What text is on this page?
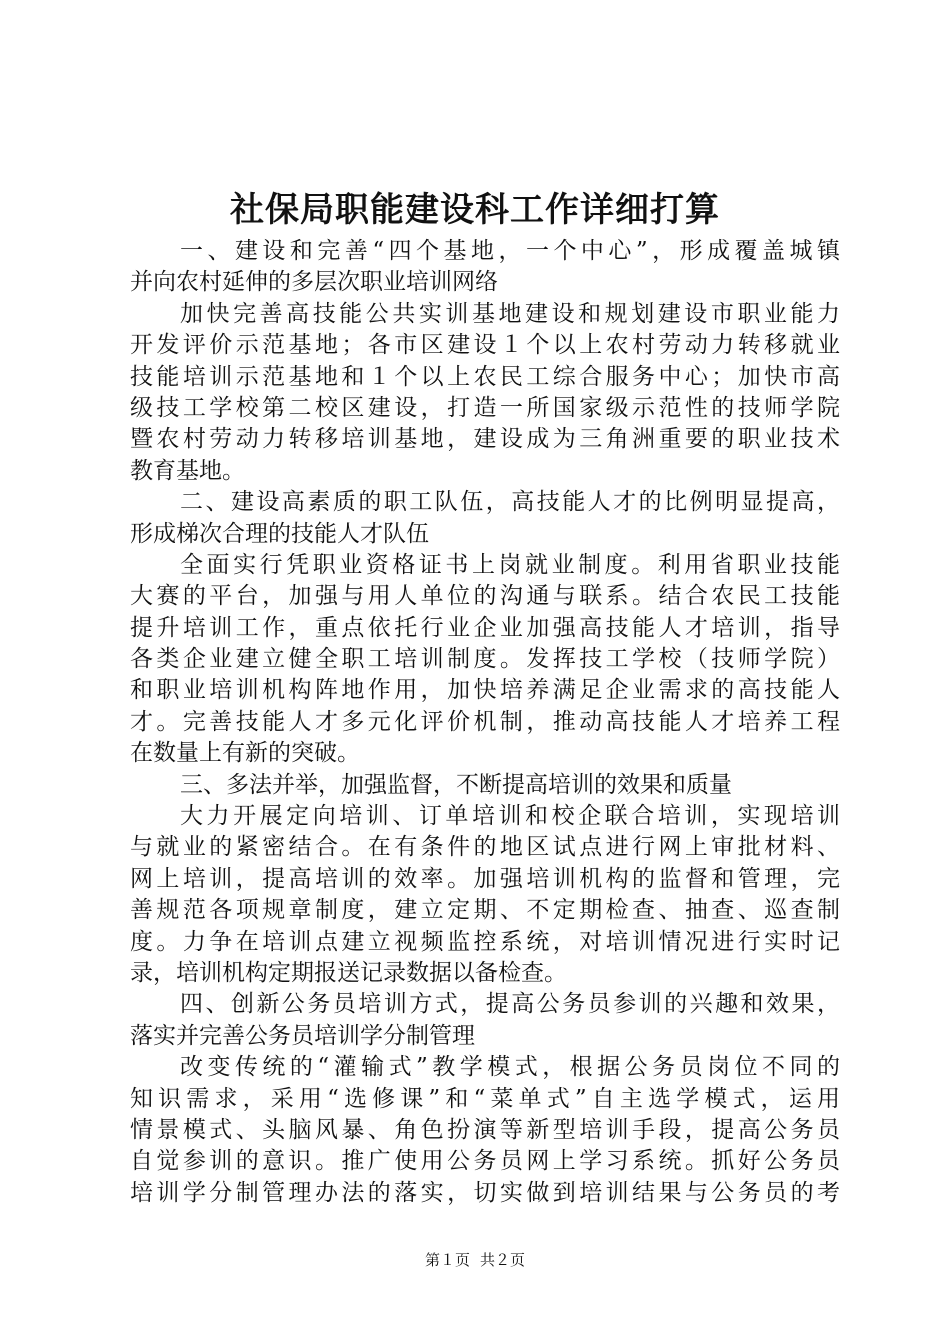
社保局职能建设科工作详细打算
一、建设和完善“四个基地，一个中心”，形成覆盖城镇
并向农村延伸的多层次职业培训网络
加快完善高技能公共实训基地建设和规划建设市职业能力
开发评价示范基地；各市区建设１个以上农村劳动力转移就业
技能培训示范基地和１个以上农民工综合服务中心；加快市高
级技工学校第二校区建设，打造一所国家级示范性的技师学院
暨农村劳动力转移培训基地，建设成为三角洲重要的职业技术
教育基地。
二、建设高素质的职工队伍，高技能人才的比例明显提高，
形成梯次合理的技能人才队伍
全面实行凭职业资格证书上岗就业制度。利用省职业技能
大赛的平台，加强与用人单位的沟通与联系。结合农民工技能
提升培训工作，重点依托行业企业加强高技能人才培训，指导
各类企业建立健全职工培训制度。发挥技工学校（技师学院）
和职业培训机构阵地作用，加快培养满足企业需求的高技能人
才。完善技能人才多元化评价机制，推动高技能人才培养工程
在数量上有新的突破。
三、多法并举，加强监督，不断提高培训的效果和质量
大力开展定向培训、订单培训和校企联合培训，实现培训
与就业的紧密结合。在有条件的地区试点进行网上审批材料、
网上培训，提高培训的效率。加强培训机构的监督和管理，完
善规范各项规章制度，建立定期、不定期检查、抽查、巡查制
度。力争在培训点建立视频监控系统，对培训情况进行实时记
录，培训机构定期报送记录数据以备检查。
四、创新公务员培训方式，提高公务员参训的兴趣和效果，
落实并完善公务员培训学分制管理
改变传统的“灌输式”教学模式，根据公务员岗位不同的
知识需求，采用“选修课”和“菜单式”自主选学模式，运用
情景模式、头脑风暴、角色扮演等新型培训手段，提高公务员
自觉参训的意识。推广使用公务员网上学习系统。抓好公务员
培训学分制管理办法的落实，切实做到培训结果与公务员的考
第１页 共２页
